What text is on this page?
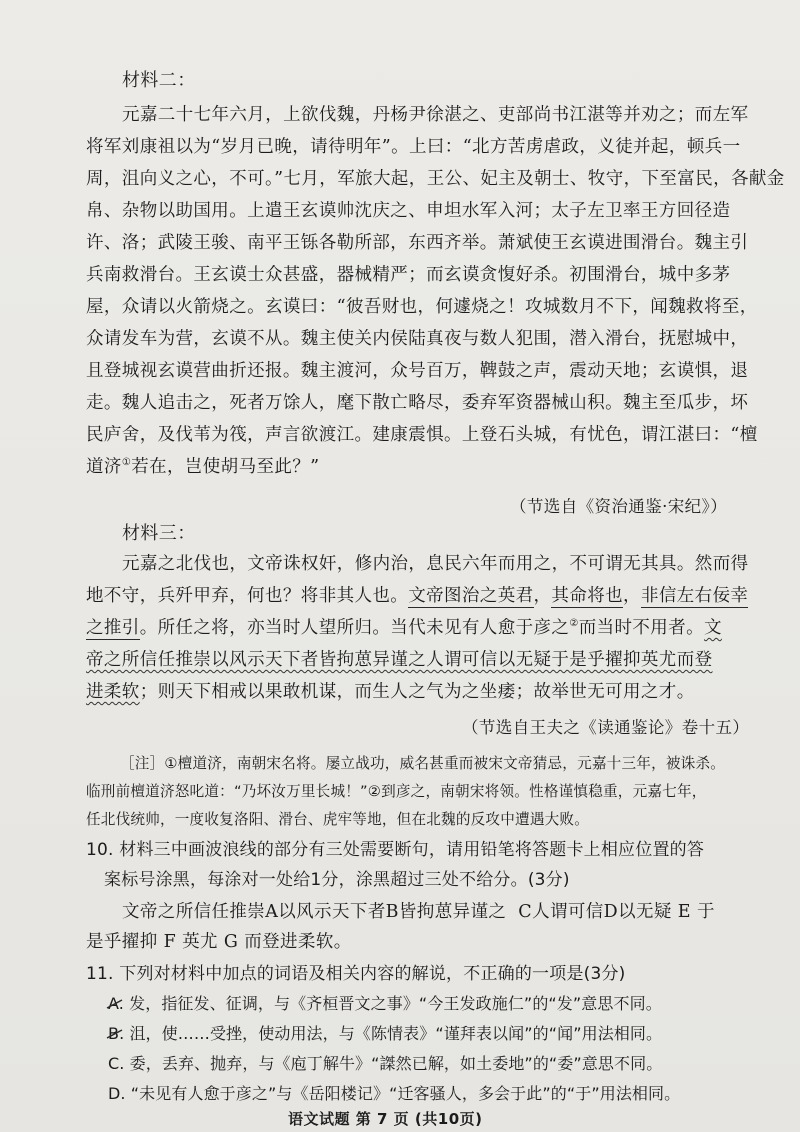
材料二：
元嘉二十七年六月，上欲伐魏，丹杨尹徐湛之、吏部尚书江湛等并劝之；而左军
将军刘康祖以为“岁月已晚，请待明年”。上曰：“北方苦虏虐政，义徒并起，顿兵一
周，沮向义之心，不可。”七月，军旅大起，王公、妃主及朝士、牧守，下至富民，各献金
帛、杂物以助国用。上遣王玄谟帅沈庆之、申坦水军入河；太子左卫率王方回径造
许、洛；武陵王骏、南平王铄各勒所部，东西齐举。萧斌使王玄谟进围滑台。魏主引
兵南救滑台。王玄谟士众甚盛，器械精严；而玄谟贪愎好杀。初围滑台，城中多茅
屋，众请以火箭烧之。玄谟曰：“彼吾财也，何遽烧之！攻城数月不下，闻魏救将至，
众请发车为营，玄谟不从。魏主使关内侯陆真夜与数人犯围，潜入滑台，抚慰城中，
且登城视玄谟营曲折还报。魏主渡河，众号百万，鞞鼓之声，震动天地；玄谟惧，退
走。魏人追击之，死者万馀人，麾下散亡略尽，委弃军资器械山积。魏主至瓜步，坏
民庐舍，及伐苇为筏，声言欲渡江。建康震惧。上登石头城，有忧色，谓江湛曰：“檀
道济①若在，岂使胡马至此？”
（节选自《资治通鉴·宋纪》）
材料三：
元嘉之北伐也，文帝诛权奸，修内治，息民六年而用之，不可谓无其具。然而得
地不守，兵歼甲弃，何也？将非其人也。文帝图治之英君，其命将也，非信左右佞幸
之推引。所任之将，亦当时人望所归。当代未见有人愈于彦之②而当时不用者。文
帝之所信任推崇以风示天下者皆拘葸异谨之人谓可信以无疑于是乎擢抑英尤而登
进柔软；则天下相戒以果敢机谋，而生人之气为之坐痿；故举世无可用之才。
（节选自王夫之《读通鉴论》卷十五）
［注］①檀道济，南朝宋名将。屡立战功，威名甚重而被宋文帝猜忌，元嘉十三年，被诛杀。
临刑前檀道济怒叱道：“乃坏汝万里长城！”②到彦之，南朝宋将领。性格谨慎稳重，元嘉七年，
任北伐统帅，一度收复洛阳、滑台、虎牢等地，但在北魏的反攻中遭遇大败。
10. 材料三中画波浪线的部分有三处需要断句，请用铅笔将答题卡上相应位置的答
案标号涂黑，每涂对一处给1分，涂黑超过三处不给分。(3分)
文帝之所信任推崇A以风示天下者B皆拘葸异谨之 C人谓可信D以无疑 E 于
是乎擢抑 F 英尤 G 而登进柔软。
11. 下列对材料中加点的词语及相关内容的解说，不正确的一项是(3分)
A. 发，指征发、征调，与《齐桓晋文之事》“今王发政施仁”的“发”意思不同。
B. 沮，使……受挫，使动用法，与《陈情表》“谨拜表以闻”的“闻”用法相同。
C. 委，丢弃、抛弃，与《庖丁解牛》“謋然已解，如土委地”的“委”意思不同。
D. “未见有人愈于彦之”与《岳阳楼记》“迁客骚人，多会于此”的“于”用法相同。
语文试题 第 7 页 (共10页)
